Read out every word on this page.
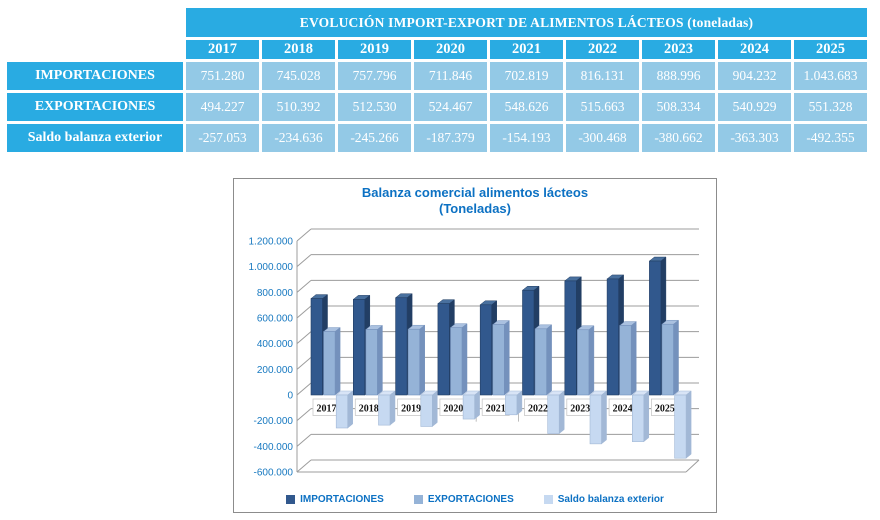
	EVOLUCIÓN IMPORT-EXPORT DE ALIMENTOS LÁCTEOS (toneladas)								
	2017	2018	2019	2020	2021	2022	2023	2024	2025
IMPORTACIONES	751.280	745.028	757.796	711.846	702.819	816.131	888.996	904.232	1.043.683
EXPORTACIONES	494.227	510.392	512.530	524.467	548.626	515.663	508.334	540.929	551.328
Saldo balanza exterior	-257.053	-234.636	-245.266	-187.379	-154.193	-300.468	-380.662	-363.303	-492.355
1.200.000
1.000.000
800.000
600.000
400.000
200.000
0
-200.000
-400.000
-600.000
2017 2018 2019 2020 2021 2022 2023 2024 2025
Balanza comercial alimentos lácteos
(Toneladas)
IMPORTACIONES	EXPORTACIONES	Saldo balanza exterior
